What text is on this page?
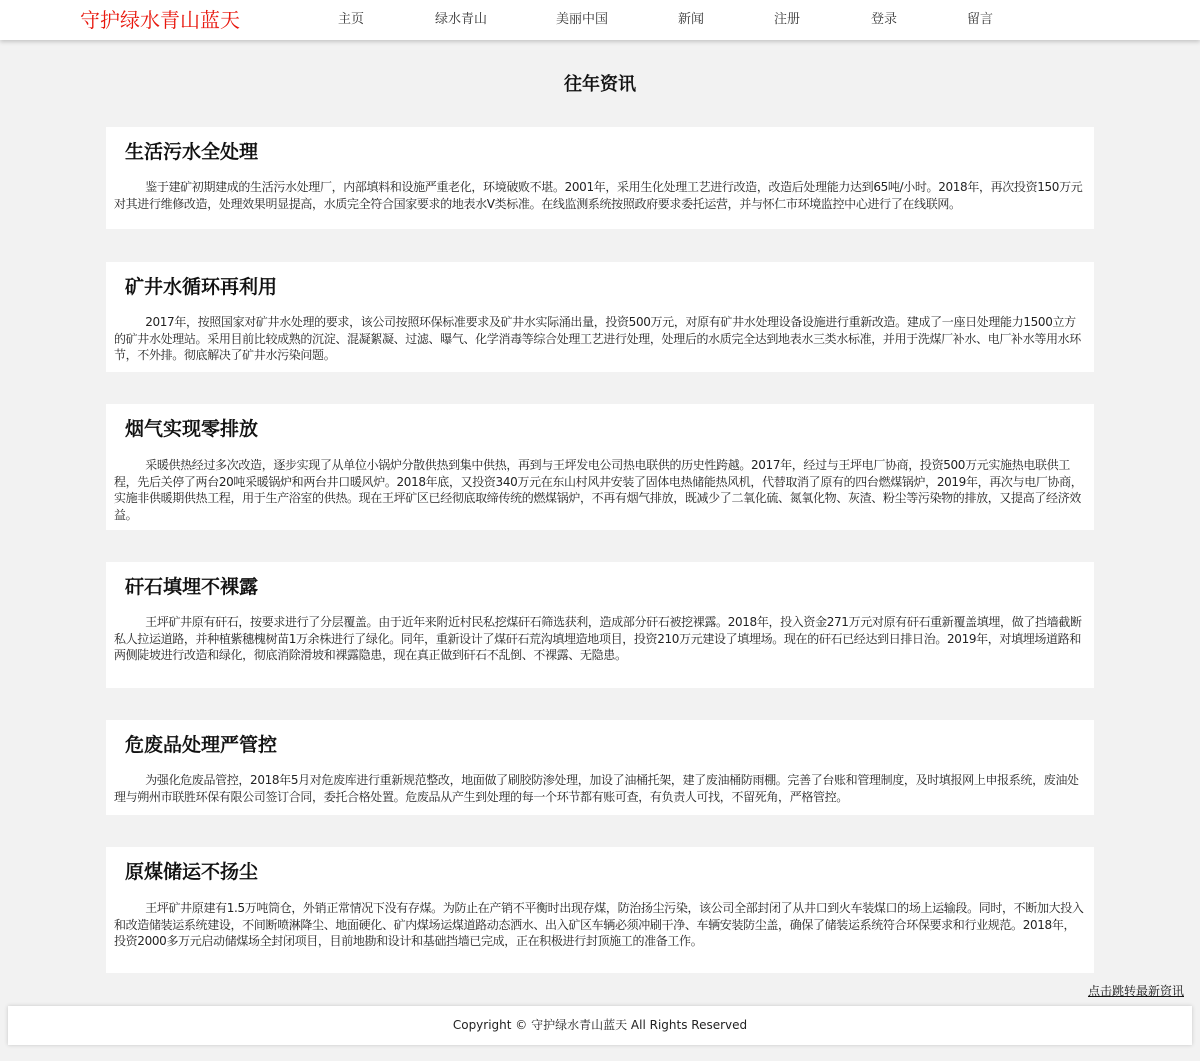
守护绿水青山蓝天	主页	绿水青山	美丽中国	新闻	注册	登录	留言
往年资讯
生活污水全处理

鉴于建矿初期建成的生活污水处理厂，内部填料和设施严重老化，环境破败不堪。2001年，采用生化处理工艺进行改造，改造后处理能力达到65吨/小时。2018年，再次投资150万元对其进行维修改造，处理效果明显提高，水质完全符合国家要求的地表水Ⅴ类标准。在线监测系统按照政府要求委托运营，并与怀仁市环境监控中心进行了在线联网。

矿井水循环再利用

2017年，按照国家对矿井水处理的要求，该公司按照环保标准要求及矿井水实际涌出量，投资500万元，对原有矿井水处理设备设施进行重新改造。建成了一座日处理能力1500立方的矿井水处理站。采用目前比较成熟的沉淀、混凝絮凝、过滤、曝气、化学消毒等综合处理工艺进行处理，处理后的水质完全达到地表水三类水标准，并用于洗煤厂补水、电厂补水等用水环节，不外排。彻底解决了矿井水污染问题。

烟气实现零排放

采暖供热经过多次改造，逐步实现了从单位小锅炉分散供热到集中供热，再到与王坪发电公司热电联供的历史性跨越。2017年，经过与王坪电厂协商，投资500万元实施热电联供工程，先后关停了两台20吨采暖锅炉和两台井口暖风炉。2018年底，又投资340万元在东山村风井安装了固体电热储能热风机，代替取消了原有的四台燃煤锅炉，2019年，再次与电厂协商，实施非供暖期供热工程，用于生产浴室的供热。现在王坪矿区已经彻底取缔传统的燃煤锅炉，不再有烟气排放，既减少了二氧化硫、氮氧化物、灰渣、粉尘等污染物的排放，又提高了经济效益。

矸石填埋不裸露

王坪矿井原有矸石，按要求进行了分层覆盖。由于近年来附近村民私挖煤矸石筛选获利，造成部分矸石被挖裸露。2018年，投入资金271万元对原有矸石重新覆盖填埋，做了挡墙截断私人拉运道路，并种植紫穗槐树苗1万余株进行了绿化。同年，重新设计了煤矸石荒沟填埋造地项目，投资210万元建设了填埋场。现在的矸石已经达到日排日治。2019年，对填埋场道路和两侧陡坡进行改造和绿化，彻底消除滑坡和裸露隐患，现在真正做到矸石不乱倒、不裸露、无隐患。

危废品处理严管控

为强化危废品管控，2018年5月对危废库进行重新规范整改，地面做了刷胶防渗处理，加设了油桶托架，建了废油桶防雨棚。完善了台账和管理制度，及时填报网上申报系统，废油处理与朔州市联胜环保有限公司签订合同，委托合格处置。危废品从产生到处理的每一个环节都有账可查，有负责人可找，不留死角，严格管控。

原煤储运不扬尘

王坪矿井原建有1.5万吨筒仓，外销正常情况下没有存煤。为防止在产销不平衡时出现存煤，防治扬尘污染，该公司全部封闭了从井口到火车装煤口的场上运输段。同时，不断加大投入和改造储装运系统建设，不间断喷淋降尘、地面硬化、矿内煤场运煤道路动态洒水、出入矿区车辆必须冲刷干净、车辆安装防尘盖，确保了储装运系统符合环保要求和行业规范。2018年，投资2000多万元启动储煤场全封闭项目，目前地勘和设计和基础挡墙已完成，正在积极进行封顶施工的准备工作。

点击跳转最新资讯
Copyright © 守护绿水青山蓝天 All Rights Reserved
